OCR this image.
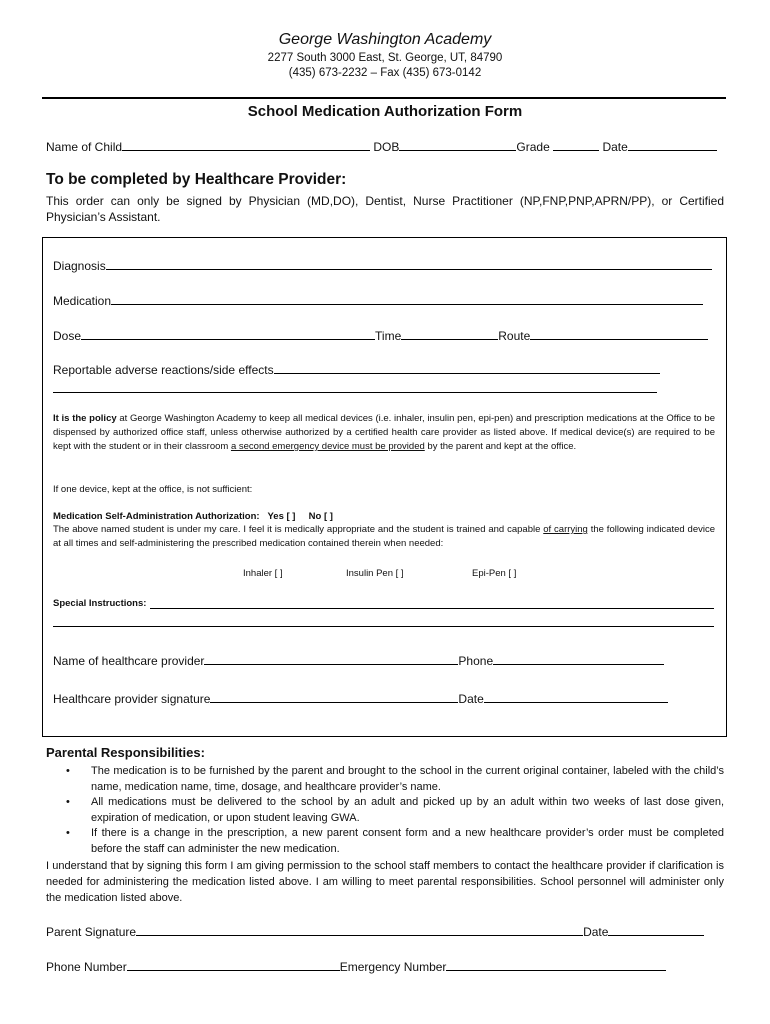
George Washington Academy
2277 South 3000 East, St. George, UT, 84790
(435) 673-2232 – Fax (435) 673-0142
School Medication Authorization Form
Name of Child	DOB	Grade	Date
To be completed by Healthcare Provider:
This order can only be signed by Physician (MD,DO), Dentist, Nurse Practitioner (NP,FNP,PNP,APRN/PP), or Certified Physician’s Assistant.
Diagnosis
Medication
Dose	Time	Route
Reportable adverse reactions/side effects
It is the policy at George Washington Academy to keep all medical devices (i.e. inhaler, insulin pen, epi-pen) and prescription medications at the Office to be dispensed by authorized office staff, unless otherwise authorized by a certified health care provider as listed above. If medical device(s) are required to be kept with the student or in their classroom a second emergency device must be provided by the parent and kept at the office.
If one device, kept at the office, is not sufficient:
Medication Self-Administration Authorization: Yes [ ] No [ ]
The above named student is under my care. I feel it is medically appropriate and the student is trained and capable of carrying the following indicated device at all times and self-administering the prescribed medication contained therein when needed:
Inhaler [ ]	Insulin Pen [ ]	Epi-Pen [ ]
Special Instructions:
Name of healthcare provider	Phone
Healthcare provider signature	Date
Parental Responsibilities:
• The medication is to be furnished by the parent and brought to the school in the current original container, labeled with the child’s name, medication name, time, dosage, and healthcare provider’s name.
• All medications must be delivered to the school by an adult and picked up by an adult within two weeks of last dose given, expiration of medication, or upon student leaving GWA.
• If there is a change in the prescription, a new parent consent form and a new healthcare provider’s order must be completed before the staff can administer the new medication.
I understand that by signing this form I am giving permission to the school staff members to contact the healthcare provider if clarification is needed for administering the medication listed above. I am willing to meet parental responsibilities. School personnel will administer only the medication listed above.
Parent Signature	Date
Phone Number	Emergency Number
